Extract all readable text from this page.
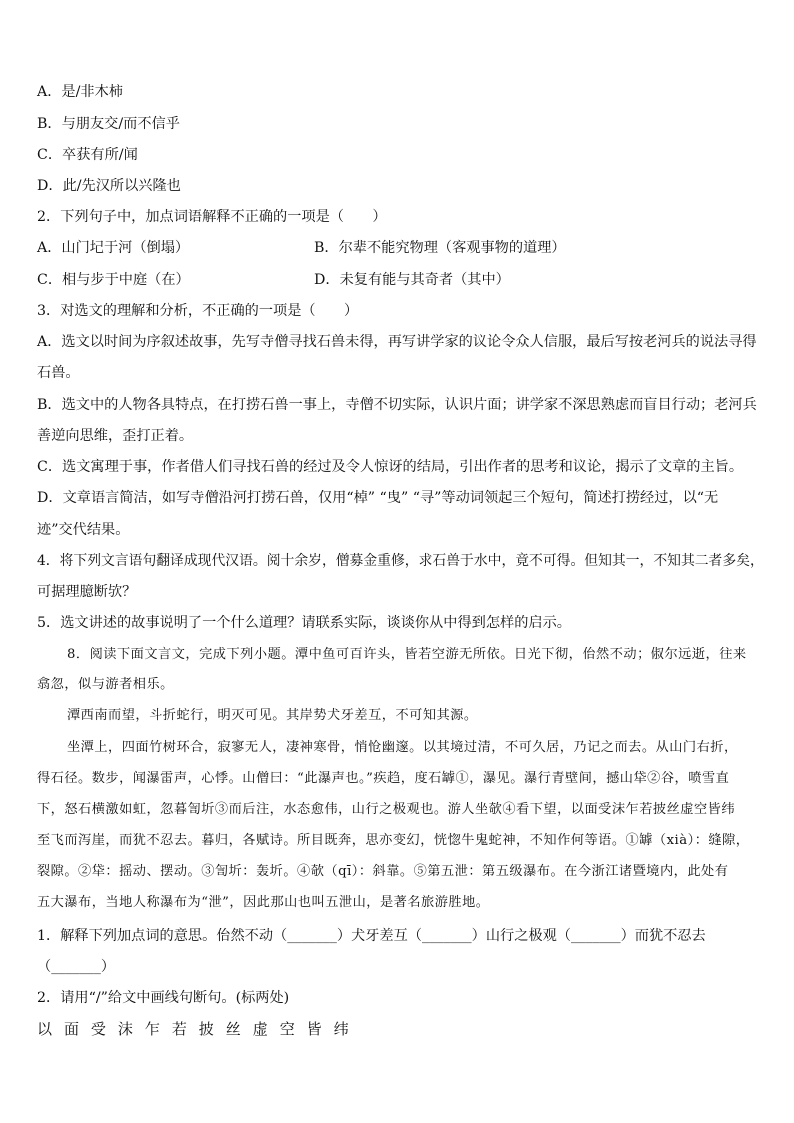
A．是/非木柿
B．与朋友交/而不信乎
C．卒获有所/闻
D．此/先汉所以兴隆也
2．下列句子中，加点词语解释不正确的一项是（　　）
A．山门圮于河（倒塌）	B．尔辈不能究物理（客观事物的道理）
C．相与步于中庭（在）	D．未复有能与其奇者（其中）
3．对选文的理解和分析，不正确的一项是（　　）
A．选文以时间为序叙述故事，先写寺僧寻找石兽未得，再写讲学家的议论令众人信服，最后写按老河兵的说法寻得
石兽。
B．选文中的人物各具特点，在打捞石兽一事上，寺僧不切实际，认识片面；讲学家不深思熟虑而盲目行动；老河兵
善逆向思维，歪打正着。
C．选文寓理于事，作者借人们寻找石兽的经过及令人惊讶的结局，引出作者的思考和议论，揭示了文章的主旨。
D．文章语言简洁，如写寺僧沿河打捞石兽，仅用“棹” “曳” “寻”等动词领起三个短句，简述打捞经过，以“无
迹”交代结果。
4．将下列文言语句翻译成现代汉语。阅十余岁，僧募金重修，求石兽于水中，竟不可得。但知其一，不知其二者多矣，
可据理臆断欤？
5．选文讲述的故事说明了一个什么道理？请联系实际，谈谈你从中得到怎样的启示。
8．阅读下面文言文，完成下列小题。潭中鱼可百许头，皆若空游无所依。日光下彻，佁然不动；俶尔远逝，往来
翕忽，似与游者相乐。
潭西南而望，斗折蛇行，明灭可见。其岸势犬牙差互，不可知其源。
坐潭上，四面竹树环合，寂寥无人，凄神寒骨，悄怆幽邃。以其境过清，不可久居，乃记之而去。从山门右折，
得石径。数步，闻瀑雷声，心悸。山僧曰：“此瀑声也。”疾趋，度石罅①，瀑见。瀑行青壁间，撼山牮②谷，喷雪直
下，怒石横激如虹，忽暮訇圻③而后注，水态愈伟，山行之极观也。游人坐欹④看下望，以面受沫乍若披丝虚空皆纬
至飞而泻崖，而犹不忍去。暮归，各赋诗。所目既奔，思亦变幻，恍惚牛鬼蛇神，不知作何等语。①罅（xià）：缝隙，
裂隙。②牮：摇动、摆动。③訇圻：轰圻。④欹（qī）：斜靠。⑤第五泄：第五级瀑布。在今浙江诸暨境内，此处有
五大瀑布，当地人称瀑布为“泄”，因此那山也叫五泄山，是著名旅游胜地。
1．解释下列加点词的意思。佁然不动（_______）犬牙差互（_______）山行之极观（_______）而犹不忍去
（_______）
2．请用“/”给文中画线句断句。(标两处)
以 面 受 沫 乍 若 披 丝 虚 空 皆 纬
